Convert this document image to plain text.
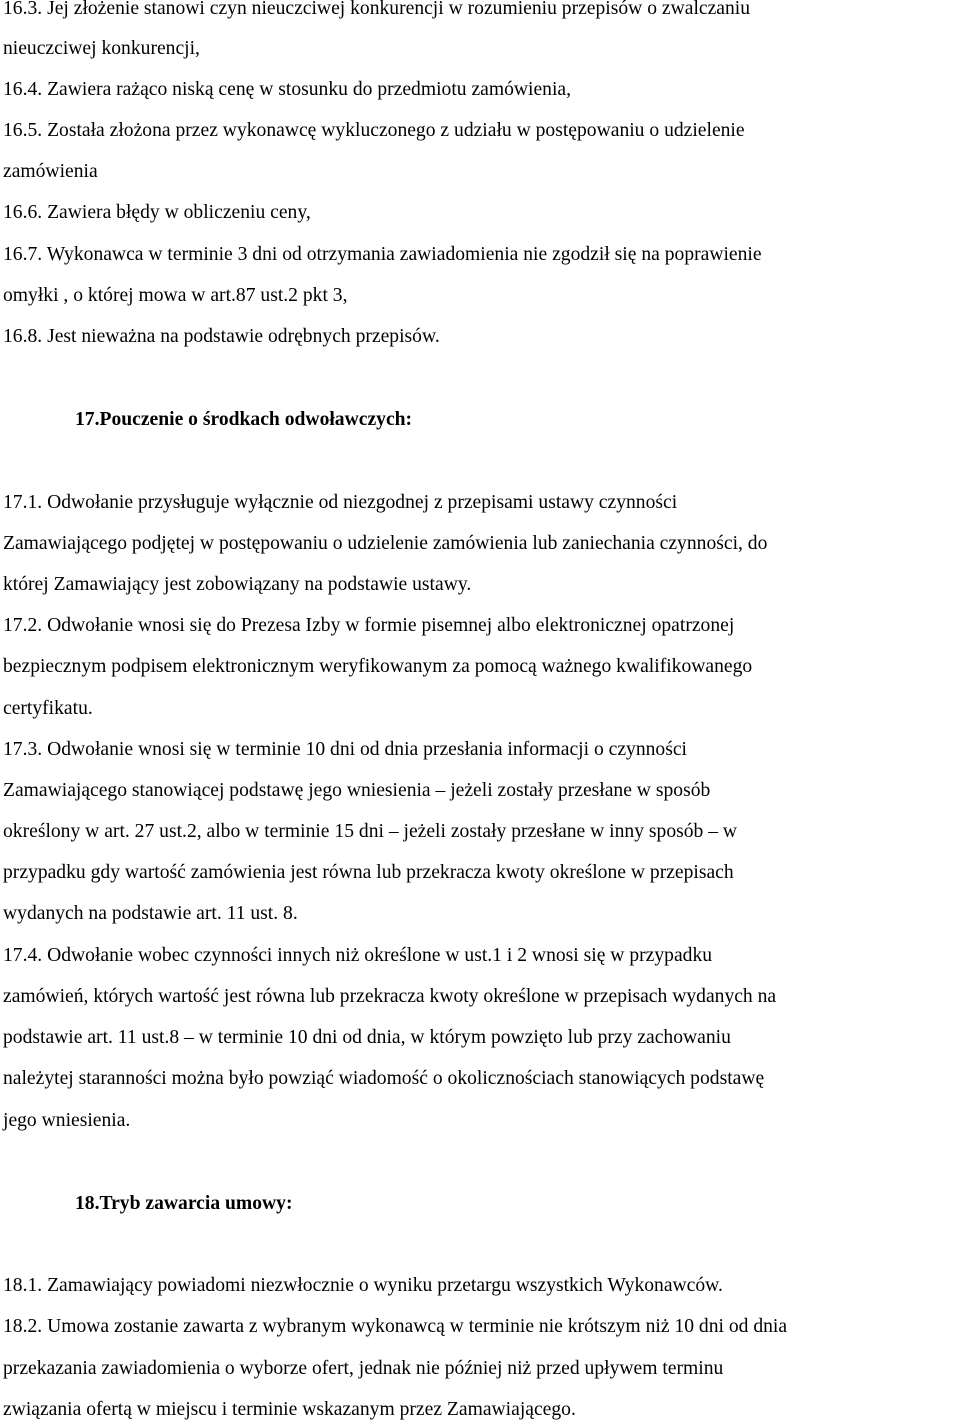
16.3. Jej złożenie stanowi czyn nieuczciwej konkurencji w rozumieniu przepisów o zwalczaniu

nieuczciwej konkurencji,

16.4. Zawiera rażąco niską cenę w stosunku do przedmiotu zamówienia,

16.5. Została złożona przez wykonawcę wykluczonego z udziału w postępowaniu o udzielenie

zamówienia

16.6. Zawiera błędy w obliczeniu ceny,

16.7. Wykonawca w terminie 3 dni od otrzymania zawiadomienia nie zgodził się na poprawienie

omyłki , o której mowa w art.87 ust.2 pkt 3,

16.8. Jest nieważna na podstawie odrębnych przepisów.

17.Pouczenie o środkach odwoławczych:

17.1. Odwołanie przysługuje wyłącznie od niezgodnej z przepisami ustawy czynności

Zamawiającego podjętej w postępowaniu o udzielenie zamówienia lub zaniechania czynności, do

której Zamawiający jest zobowiązany na podstawie ustawy.

17.2. Odwołanie wnosi się do Prezesa Izby w formie pisemnej albo elektronicznej opatrzonej

bezpiecznym podpisem elektronicznym weryfikowanym za pomocą ważnego kwalifikowanego

certyfikatu.

17.3. Odwołanie wnosi się w terminie 10 dni od dnia przesłania informacji o czynności

Zamawiającego stanowiącej podstawę jego wniesienia – jeżeli zostały przesłane w sposób

określony w art. 27 ust.2, albo w terminie 15 dni – jeżeli zostały przesłane w inny sposób – w

przypadku gdy wartość zamówienia jest równa lub przekracza kwoty określone w przepisach

wydanych na podstawie art. 11 ust. 8.

17.4. Odwołanie wobec czynności innych niż określone w ust.1 i 2 wnosi się w przypadku

zamówień, których wartość jest równa lub przekracza kwoty określone w przepisach wydanych na

podstawie art. 11 ust.8 – w terminie 10 dni od dnia, w którym powzięto lub przy zachowaniu

należytej staranności można było powziąć wiadomość o okolicznościach stanowiących podstawę

jego wniesienia.

18.Tryb zawarcia umowy:

18.1. Zamawiający powiadomi niezwłocznie o wyniku przetargu wszystkich Wykonawców.

18.2. Umowa zostanie zawarta z wybranym wykonawcą w terminie nie krótszym niż 10 dni od dnia

przekazania zawiadomienia o wyborze ofert, jednak nie później niż przed upływem terminu

związania ofertą w miejscu i terminie wskazanym przez Zamawiającego.
